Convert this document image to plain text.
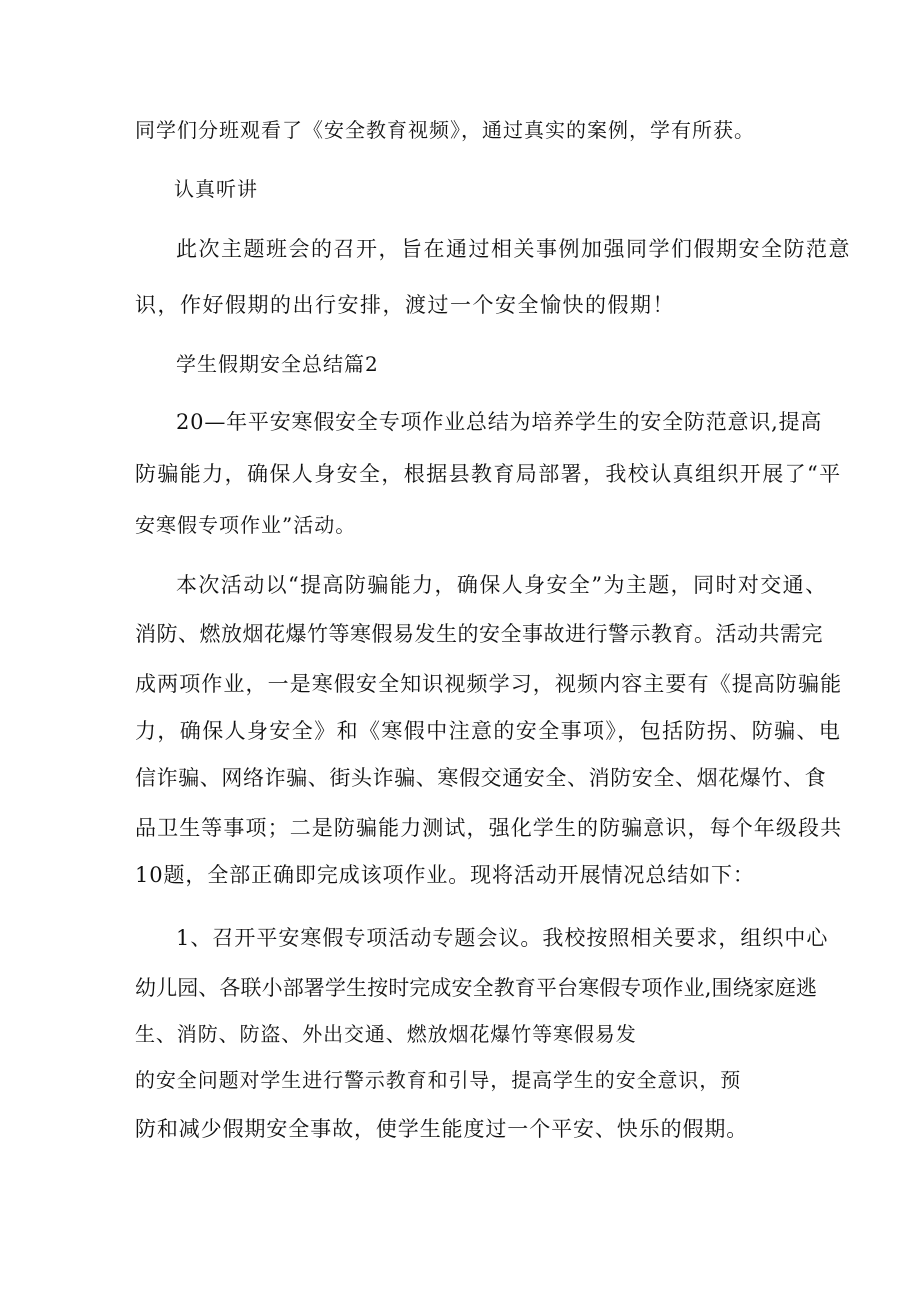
同学们分班观看了《安全教育视频》，通过真实的案例，学有所获。
认真听讲
此次主题班会的召开，旨在通过相关事例加强同学们假期安全防范意
识，作好假期的出行安排，渡过一个安全愉快的假期！
学生假期安全总结篇2
20—年平安寒假安全专项作业总结为培养学生的安全防范意识,提高
防骗能力，确保人身安全，根据县教育局部署，我校认真组织开展了“平
安寒假专项作业”活动。
本次活动以“提高防骗能力，确保人身安全”为主题，同时对交通、
消防、燃放烟花爆竹等寒假易发生的安全事故进行警示教育。活动共需完
成两项作业，一是寒假安全知识视频学习，视频内容主要有《提高防骗能
力，确保人身安全》和《寒假中注意的安全事项》，包括防拐、防骗、电
信诈骗、网络诈骗、街头诈骗、寒假交通安全、消防安全、烟花爆竹、食
品卫生等事项；二是防骗能力测试，强化学生的防骗意识，每个年级段共
10题，全部正确即完成该项作业。现将活动开展情况总结如下：
1、召开平安寒假专项活动专题会议。我校按照相关要求，组织中心
幼儿园、各联小部署学生按时完成安全教育平台寒假专项作业,围绕家庭逃
生、消防、防盗、外出交通、燃放烟花爆竹等寒假易发
的安全问题对学生进行警示教育和引导，提高学生的安全意识，预
防和减少假期安全事故，使学生能度过一个平安、快乐的假期。
